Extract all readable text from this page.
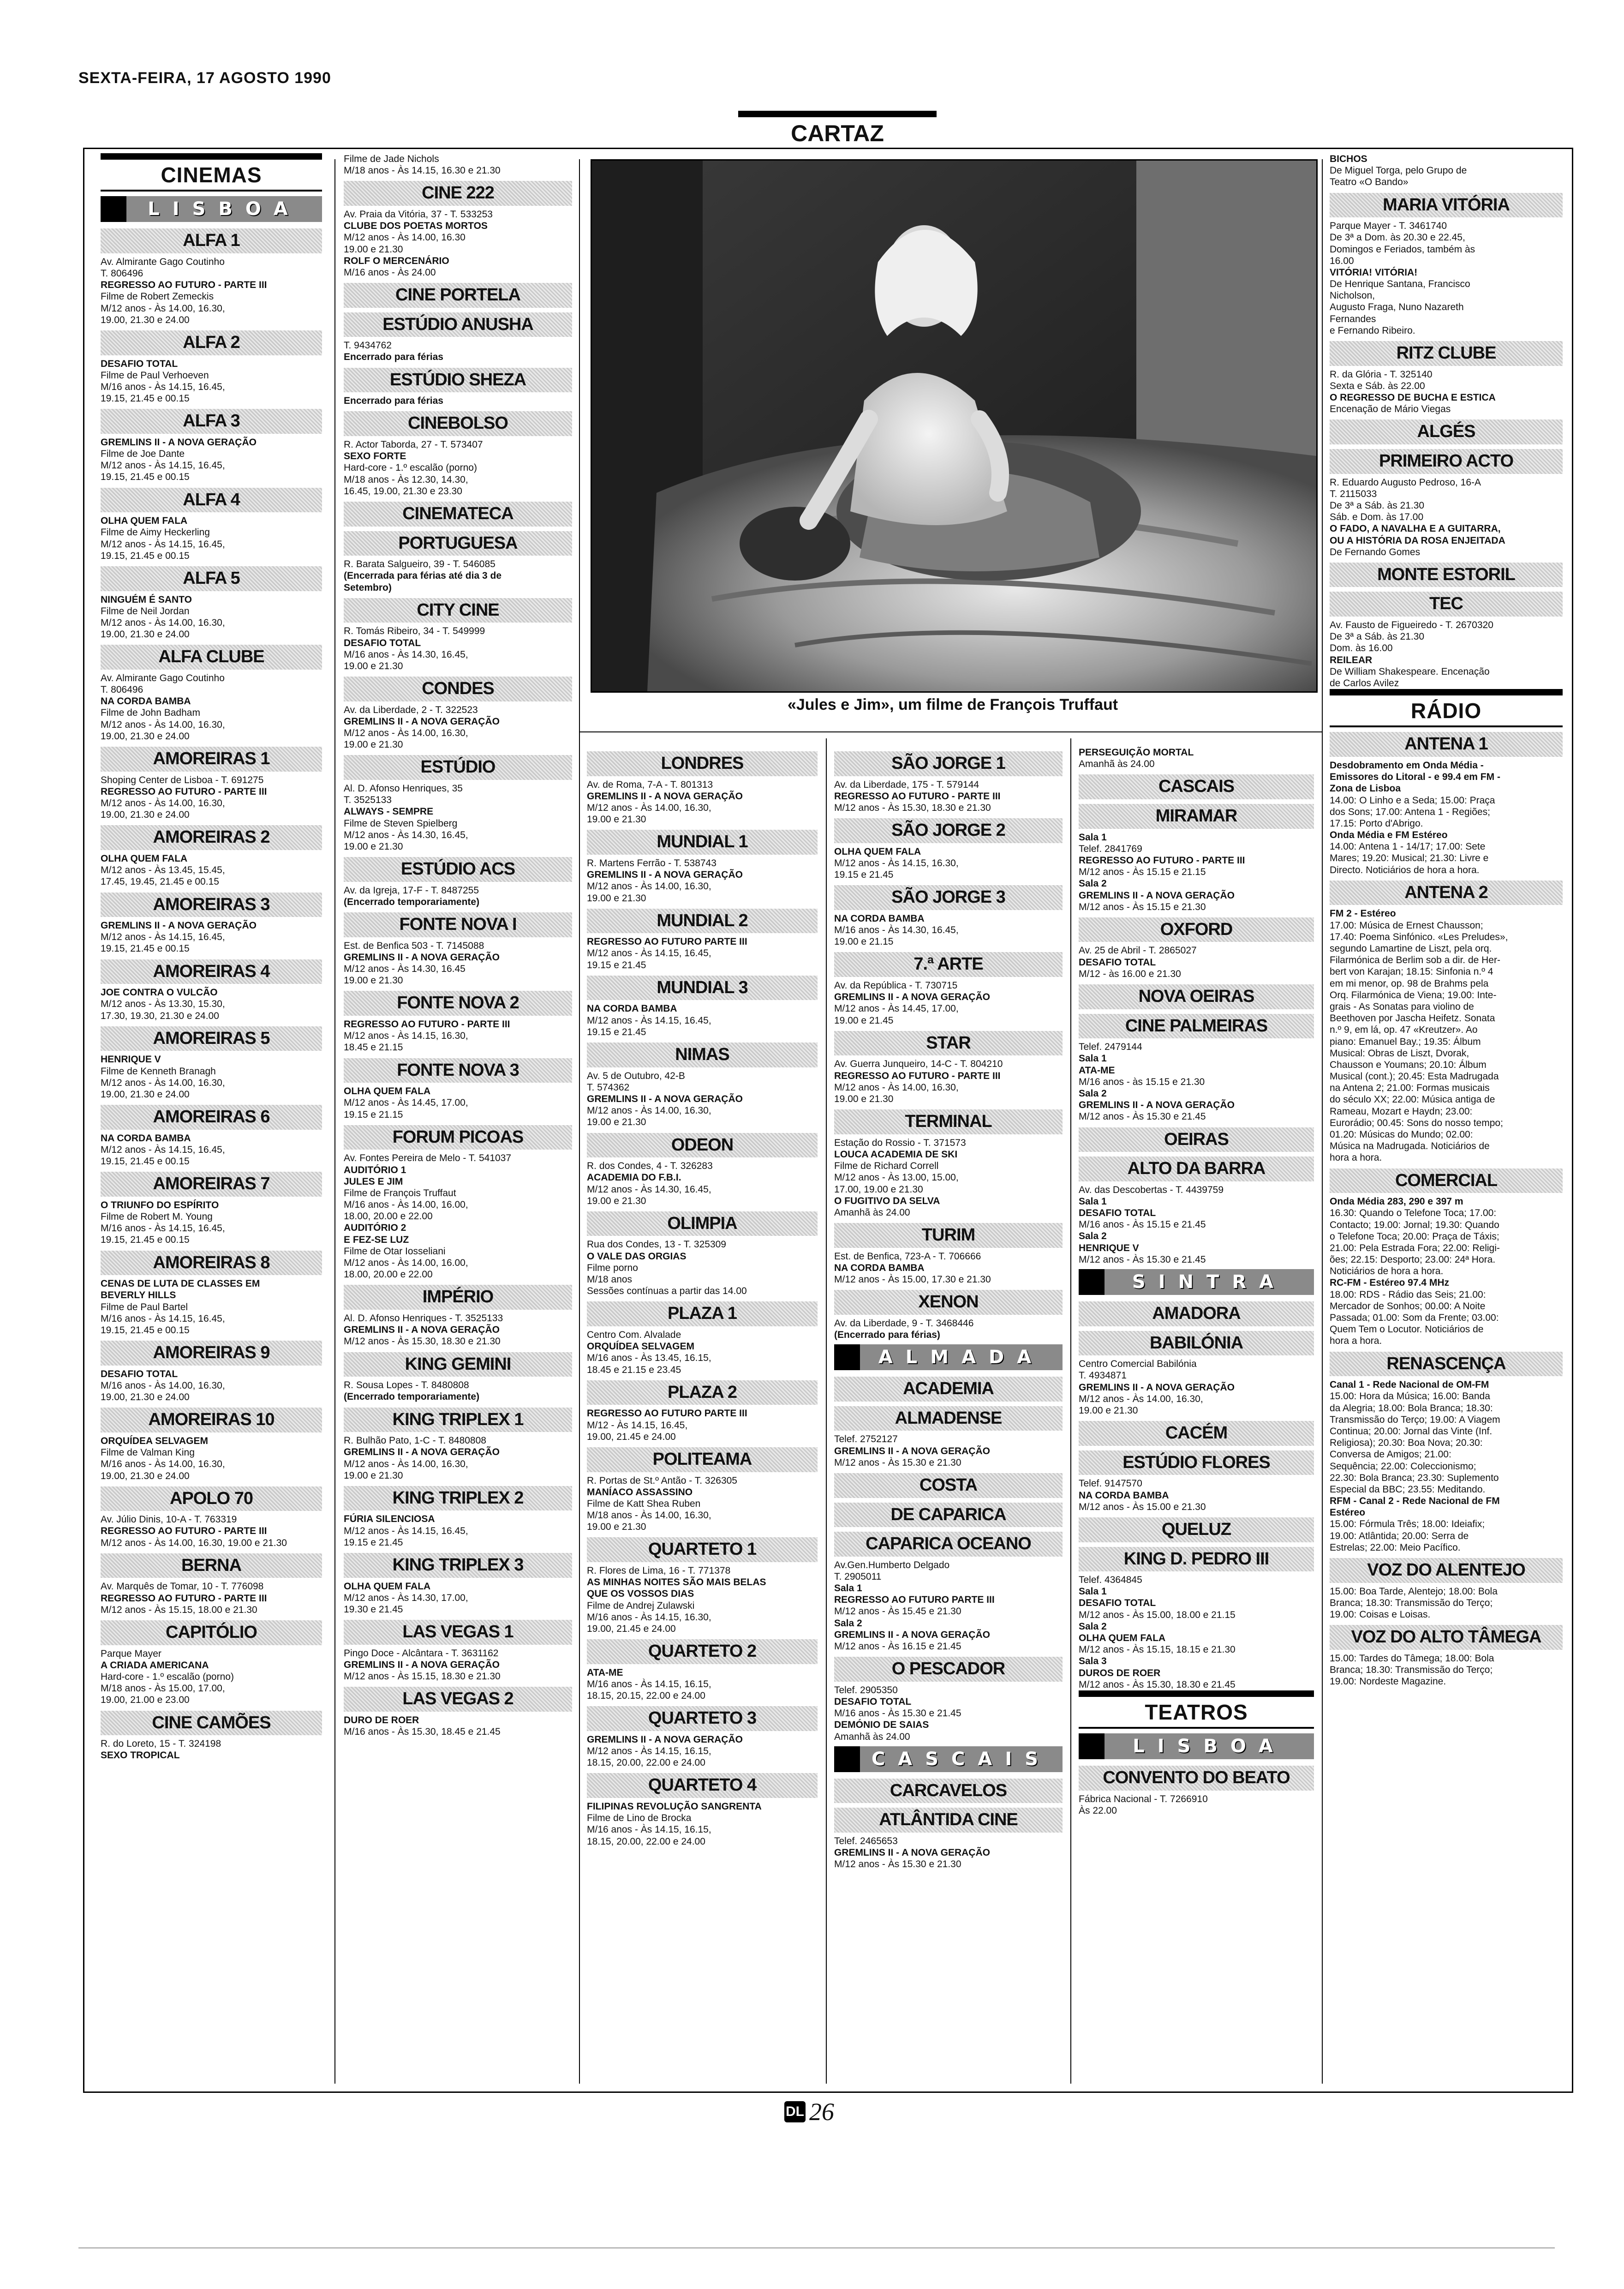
SEXTA-FEIRA, 17 AGOSTO 1990
CARTAZ
«Jules e Jim», um filme de François Truffaut
CINEMAS
LISBOA
ALFA 1
Av. Almirante Gago Coutinho
T. 806496
REGRESSO AO FUTURO - PARTE III
Filme de Robert Zemeckis
M/12 anos - Às 14.00, 16.30,
19.00, 21.30 e 24.00
ALFA 2
DESAFIO TOTAL
Filme de Paul Verhoeven
M/16 anos - Às 14.15, 16.45,
19.15, 21.45 e 00.15
ALFA 3
GREMLINS II - A NOVA GERAÇÃO
Filme de Joe Dante
M/12 anos - Às 14.15, 16.45,
19.15, 21.45 e 00.15
ALFA 4
OLHA QUEM FALA
Filme de Aimy Heckerling
M/12 anos - Às 14.15, 16.45,
19.15, 21.45 e 00.15
ALFA 5
NINGUÉM É SANTO
Filme de Neil Jordan
M/12 anos - Às 14.00, 16.30,
19.00, 21.30 e 24.00
ALFA CLUBE
Av. Almirante Gago Coutinho
T. 806496
NA CORDA BAMBA
Filme de John Badham
M/12 anos - Às 14.00, 16.30,
19.00, 21.30 e 24.00
AMOREIRAS 1
Shoping Center de Lisboa - T. 691275
REGRESSO AO FUTURO - PARTE III
M/12 anos - Às 14.00, 16.30,
19.00, 21.30 e 24.00
AMOREIRAS 2
OLHA QUEM FALA
M/12 anos - Às 13.45, 15.45,
17.45, 19.45, 21.45 e 00.15
AMOREIRAS 3
GREMLINS II - A NOVA GERAÇÃO
M/12 anos - Às 14.15, 16.45,
19.15, 21.45 e 00.15
AMOREIRAS 4
JOE CONTRA O VULCÃO
M/12 anos - Às 13.30, 15.30,
17.30, 19.30, 21.30 e 24.00
AMOREIRAS 5
HENRIQUE V
Filme de Kenneth Branagh
M/12 anos - Às 14.00, 16.30,
19.00, 21.30 e 24.00
AMOREIRAS 6
NA CORDA BAMBA
M/12 anos - Às 14.15, 16.45,
19.15, 21.45 e 00.15
AMOREIRAS 7
O TRIUNFO DO ESPÍRITO
Filme de Robert M. Young
M/16 anos - Às 14.15, 16.45,
19.15, 21.45 e 00.15
AMOREIRAS 8
CENAS DE LUTA DE CLASSES EM
BEVERLY HILLS
Filme de Paul Bartel
M/16 anos - Às 14.15, 16.45,
19.15, 21.45 e 00.15
AMOREIRAS 9
DESAFIO TOTAL
M/16 anos - Às 14.00, 16.30,
19.00, 21.30 e 24.00
AMOREIRAS 10
ORQUÍDEA SELVAGEM
Filme de Valman King
M/16 anos - Às 14.00, 16.30,
19.00, 21.30 e 24.00
APOLO 70
Av. Júlio Dinis, 10-A - T. 763319
REGRESSO AO FUTURO - PARTE III
M/12 anos - Às 14.00, 16.30, 19.00 e 21.30
BERNA
Av. Marquês de Tomar, 10 - T. 776098
REGRESSO AO FUTURO - PARTE III
M/12 anos - Às 15.15, 18.00 e 21.30
CAPITÓLIO
Parque Mayer
A CRIADA AMERICANA
Hard-core - 1.º escalão (porno)
M/18 anos - Às 15.00, 17.00,
19.00, 21.00 e 23.00
CINE CAMÕES
R. do Loreto, 15 - T. 324198
SEXO TROPICAL
Filme de Jade Nichols
M/18 anos - Às 14.15, 16.30 e 21.30
CINE 222
Av. Praia da Vitória, 37 - T. 533253
CLUBE DOS POETAS MORTOS
M/12 anos - Às 14.00, 16.30
19.00 e 21.30
ROLF O MERCENÁRIO
M/16 anos - Às 24.00
CINE PORTELA
ESTÚDIO ANUSHA
T. 9434762
Encerrado para férias
ESTÚDIO SHEZA
Encerrado para férias
CINEBOLSO
R. Actor Taborda, 27 - T. 573407
SEXO FORTE
Hard-core - 1.º escalão (porno)
M/18 anos - Às 12.30, 14.30,
16.45, 19.00, 21.30 e 23.30
CINEMATECA
PORTUGUESA
R. Barata Salgueiro, 39 - T. 546085
(Encerrada para férias até dia 3 de
Setembro)
CITY CINE
R. Tomás Ribeiro, 34 - T. 549999
DESAFIO TOTAL
M/16 anos - Às 14.30, 16.45,
19.00 e 21.30
CONDES
Av. da Liberdade, 2 - T. 322523
GREMLINS II - A NOVA GERAÇÃO
M/12 anos - Às 14.00, 16.30,
19.00 e 21.30
ESTÚDIO
Al. D. Afonso Henriques, 35
T. 3525133
ALWAYS - SEMPRE
Filme de Steven Spielberg
M/12 anos - Às 14.30, 16.45,
19.00 e 21.30
ESTÚDIO ACS
Av. da Igreja, 17-F - T. 8487255
(Encerrado temporariamente)
FONTE NOVA I
Est. de Benfica 503 - T. 7145088
GREMLINS II - A NOVA GERAÇÃO
M/12 anos - Às 14.30, 16.45
19.00 e 21.30
FONTE NOVA 2
REGRESSO AO FUTURO - PARTE III
M/12 anos - Às 14.15, 16.30,
18.45 e 21.15
FONTE NOVA 3
OLHA QUEM FALA
M/12 anos - Às 14.45, 17.00,
19.15 e 21.15
FORUM PICOAS
Av. Fontes Pereira de Melo - T. 541037
AUDITÓRIO 1
JULES E JIM
Filme de François Truffaut
M/16 anos - Às 14.00, 16.00,
18.00, 20.00 e 22.00
AUDITÓRIO 2
E FEZ-SE LUZ
Filme de Otar Iosseliani
M/12 anos - Às 14.00, 16.00,
18.00, 20.00 e 22.00
IMPÉRIO
Al. D. Afonso Henriques - T. 3525133
GREMLINS II - A NOVA GERAÇÃO
M/12 anos - Às 15.30, 18.30 e 21.30
KING GEMINI
R. Sousa Lopes - T. 8480808
(Encerrado temporariamente)
KING TRIPLEX 1
R. Bulhão Pato, 1-C - T. 8480808
GREMLINS II - A NOVA GERAÇÃO
M/12 anos - Às 14.00, 16.30,
19.00 e 21.30
KING TRIPLEX 2
FÚRIA SILENCIOSA
M/12 anos - Às 14.15, 16.45,
19.15 e 21.45
KING TRIPLEX 3
OLHA QUEM FALA
M/12 anos - Às 14.30, 17.00,
19.30 e 21.45
LAS VEGAS 1
Pingo Doce - Alcântara - T. 3631162
GREMLINS II - A NOVA GERAÇÃO
M/12 anos - Às 15.15, 18.30 e 21.30
LAS VEGAS 2
DURO DE ROER
M/16 anos - Às 15.30, 18.45 e 21.45
LONDRES
Av. de Roma, 7-A - T. 801313
GREMLINS II - A NOVA GERAÇÃO
M/12 anos - Às 14.00, 16.30,
19.00 e 21.30
MUNDIAL 1
R. Martens Ferrão - T. 538743
GREMLINS II - A NOVA GERAÇÃO
M/12 anos - Às 14.00, 16.30,
19.00 e 21.30
MUNDIAL 2
REGRESSO AO FUTURO PARTE III
M/12 anos - Às 14.15, 16.45,
19.15 e 21.45
MUNDIAL 3
NA CORDA BAMBA
M/12 anos - Às 14.15, 16.45,
19.15 e 21.45
NIMAS
Av. 5 de Outubro, 42-B
T. 574362
GREMLINS II - A NOVA GERAÇÃO
M/12 anos - Às 14.00, 16.30,
19.00 e 21.30
ODEON
R. dos Condes, 4 - T. 326283
ACADEMIA DO F.B.I.
M/12 anos - Às 14.30, 16.45,
19.00 e 21.30
OLIMPIA
Rua dos Condes, 13 - T. 325309
O VALE DAS ORGIAS
Filme porno
M/18 anos
Sessões contínuas a partir das 14.00
PLAZA 1
Centro Com. Alvalade
ORQUÍDEA SELVAGEM
M/16 anos - Às 13.45, 16.15,
18.45 e 21.15 e 23.45
PLAZA 2
REGRESSO AO FUTURO PARTE III
M/12 - Às 14.15, 16.45,
19.00, 21.45 e 24.00
POLITEAMA
R. Portas de St.º Antão - T. 326305
MANÍACO ASSASSINO
Filme de Katt Shea Ruben
M/18 anos - Às 14.00, 16.30,
19.00 e 21.30
QUARTETO 1
R. Flores de Lima, 16 - T. 771378
AS MINHAS NOITES SÃO MAIS BELAS
QUE OS VOSSOS DIAS
Filme de Andrej Zulawski
M/16 anos - Às 14.15, 16.30,
19.00, 21.45 e 24.00
QUARTETO 2
ATA-ME
M/16 anos - Às 14.15, 16.15,
18.15, 20.15, 22.00 e 24.00
QUARTETO 3
GREMLINS II - A NOVA GERAÇÃO
M/12 anos - Às 14.15, 16.15,
18.15, 20.00, 22.00 e 24.00
QUARTETO 4
FILIPINAS REVOLUÇÃO SANGRENTA
Filme de Lino de Brocka
M/16 anos - Às 14.15, 16.15,
18.15, 20.00, 22.00 e 24.00
SÃO JORGE 1
Av. da Liberdade, 175 - T. 579144
REGRESSO AO FUTURO - PARTE III
M/12 anos - Às 15.30, 18.30 e 21.30
SÃO JORGE 2
OLHA QUEM FALA
M/12 anos - Às 14.15, 16.30,
19.15 e 21.45
SÃO JORGE 3
NA CORDA BAMBA
M/16 anos - Às 14.30, 16.45,
19.00 e 21.15
7.ª ARTE
Av. da República - T. 730715
GREMLINS II - A NOVA GERAÇÃO
M/12 anos - Às 14.45, 17.00,
19.00 e 21.45
STAR
Av. Guerra Junqueiro, 14-C - T. 804210
REGRESSO AO FUTURO - PARTE III
M/12 anos - Às 14.00, 16.30,
19.00 e 21.30
TERMINAL
Estação do Rossio - T. 371573
LOUCA ACADEMIA DE SKI
Filme de Richard Correll
M/12 anos - Às 13.00, 15.00,
17.00, 19.00 e 21.30
O FUGITIVO DA SELVA
Amanhã às 24.00
TURIM
Est. de Benfica, 723-A - T. 706666
NA CORDA BAMBA
M/12 anos - Às 15.00, 17.30 e 21.30
XENON
Av. da Liberdade, 9 - T. 3468446
(Encerrado para férias)
ALMADA
ACADEMIA
ALMADENSE
Telef. 2752127
GREMLINS II - A NOVA GERAÇÃO
M/12 anos - Às 15.30 e 21.30
COSTA
DE CAPARICA
CAPARICA OCEANO
Av.Gen.Humberto Delgado
T. 2905011
Sala 1
REGRESSO AO FUTURO PARTE III
M/12 anos - Às 15.45 e 21.30
Sala 2
GREMLINS II - A NOVA GERAÇÃO
M/12 anos - Às 16.15 e 21.45
O PESCADOR
Telef. 2905350
DESAFIO TOTAL
M/16 anos - Às 15.30 e 21.45
DEMÓNIO DE SAIAS
Amanhã às 24.00
CASCAIS
CARCAVELOS
ATLÂNTIDA CINE
Telef. 2465653
GREMLINS II - A NOVA GERAÇÃO
M/12 anos - Às 15.30 e 21.30
PERSEGUIÇÃO MORTAL
Amanhã às 24.00
CASCAIS
MIRAMAR
Sala 1
Telef. 2841769
REGRESSO AO FUTURO - PARTE III
M/12 anos - Às 15.15 e 21.15
Sala 2
GREMLINS II - A NOVA GERAÇÃO
M/12 anos - Às 15.15 e 21.30
OXFORD
Av. 25 de Abril - T. 2865027
DESAFIO TOTAL
M/12 - às 16.00 e 21.30
NOVA OEIRAS
CINE PALMEIRAS
Telef. 2479144
Sala 1
ATA-ME
M/16 anos - às 15.15 e 21.30
Sala 2
GREMLINS II - A NOVA GERAÇÃO
M/12 anos - Às 15.30 e 21.45
OEIRAS
ALTO DA BARRA
Av. das Descobertas - T. 4439759
Sala 1
DESAFIO TOTAL
M/16 anos - Às 15.15 e 21.45
Sala 2
HENRIQUE V
M/12 anos - Às 15.30 e 21.45
SINTRA
AMADORA
BABILÓNIA
Centro Comercial Babilónia
T. 4934871
GREMLINS II - A NOVA GERAÇÃO
M/12 anos - Às 14.00, 16.30,
19.00 e 21.30
CACÉM
ESTÚDIO FLORES
Telef. 9147570
NA CORDA BAMBA
M/12 anos - Às 15.00 e 21.30
QUELUZ
KING D. PEDRO III
Telef. 4364845
Sala 1
DESAFIO TOTAL
M/12 anos - Às 15.00, 18.00 e 21.15
Sala 2
OLHA QUEM FALA
M/12 anos - Às 15.15, 18.15 e 21.30
Sala 3
DUROS DE ROER
M/12 anos - Às 15.30, 18.30 e 21.45
TEATROS
LISBOA
CONVENTO DO BEATO
Fábrica Nacional - T. 7266910
Às 22.00
BICHOS
De Miguel Torga, pelo Grupo de
Teatro «O Bando»
MARIA VITÓRIA
Parque Mayer - T. 3461740
De 3ª a Dom. às 20.30 e 22.45,
Domingos e Feriados, também às
16.00
VITÓRIA! VITÓRIA!
De Henrique Santana, Francisco
Nicholson,
Augusto Fraga, Nuno Nazareth
Fernandes
e Fernando Ribeiro.
RITZ CLUBE
R. da Glória - T. 325140
Sexta e Sáb. às 22.00
O REGRESSO DE BUCHA E ESTICA
Encenação de Mário Viegas
ALGÉS
PRIMEIRO ACTO
R. Eduardo Augusto Pedroso, 16-A
T. 2115033
De 3ª a Sáb. às 21.30
Sáb. e Dom. às 17.00
O FADO, A NAVALHA E A GUITARRA,
OU A HISTÓRIA DA ROSA ENJEITADA
De Fernando Gomes
MONTE ESTORIL
TEC
Av. Fausto de Figueiredo - T. 2670320
De 3ª a Sáb. às 21.30
Dom. às 16.00
REILEAR
De William Shakespeare. Encenação
de Carlos Avilez
RÁDIO
ANTENA 1
Desdobramento em Onda Média -
Emissores do Litoral - e 99.4 em FM -
Zona de Lisboa
14.00: O Linho e a Seda; 15.00: Praça
dos Sons; 17.00: Antena 1 - Regiões;
17.15: Porto d'Abrigo.
Onda Média e FM Estéreo
14.00: Antena 1 - 14/17; 17.00: Sete
Mares; 19.20: Musical; 21.30: Livre e
Directo. Noticiários de hora a hora.
ANTENA 2
FM 2 - Estéreo
17.00: Música de Ernest Chausson;
17.40: Poema Sinfónico. «Les Preludes»,
segundo Lamartine de Liszt, pela orq.
Filarmónica de Berlim sob a dir. de Her-
bert von Karajan; 18.15: Sinfonia n.º 4
em mi menor, op. 98 de Brahms pela
Orq. Filarmónica de Viena; 19.00: Inte-
grais - As Sonatas para violino de
Beethoven por Jascha Heifetz. Sonata
n.º 9, em lá, op. 47 «Kreutzer». Ao
piano: Emanuel Bay.; 19.35: Álbum
Musical: Obras de Liszt, Dvorak,
Chausson e Youmans; 20.10: Álbum
Musical (cont.); 20.45: Esta Madrugada
na Antena 2; 21.00: Formas musicais
do século XX; 22.00: Música antiga de
Rameau, Mozart e Haydn; 23.00:
Eurorádio; 00.45: Sons do nosso tempo;
01.20: Músicas do Mundo; 02.00:
Música na Madrugada. Noticiários de
hora a hora.
COMERCIAL
Onda Média 283, 290 e 397 m
16.30: Quando o Telefone Toca; 17.00:
Contacto; 19.00: Jornal; 19.30: Quando
o Telefone Toca; 20.00: Praça de Táxis;
21.00: Pela Estrada Fora; 22.00: Religi-
ões; 22.15: Desporto; 23.00: 24ª Hora.
Noticiários de hora a hora.
RC-FM - Estéreo 97.4 MHz
18.00: RDS - Rádio das Seis; 21.00:
Mercador de Sonhos; 00.00: A Noite
Passada; 01.00: Som da Frente; 03.00:
Quem Tem o Locutor. Noticiários de
hora a hora.
RENASCENÇA
Canal 1 - Rede Nacional de OM-FM
15.00: Hora da Música; 16.00: Banda
da Alegria; 18.00: Bola Branca; 18.30:
Transmissão do Terço; 19.00: A Viagem
Continua; 20.00: Jornal das Vinte (Inf.
Religiosa); 20.30: Boa Nova; 20.30:
Conversa de Amigos; 21.00:
Sequência; 22.00: Coleccionismo;
22.30: Bola Branca; 23.30: Suplemento
Especial da BBC; 23.55: Meditando.
RFM - Canal 2 - Rede Nacional de FM
Estéreo
15.00: Fórmula Três; 18.00: Ideiafix;
19.00: Atlântida; 20.00: Serra de
Estrelas; 22.00: Meio Pacífico.
VOZ DO ALENTEJO
15.00: Boa Tarde, Alentejo; 18.00: Bola
Branca; 18.30: Transmissão do Terço;
19.00: Coisas e Loisas.
VOZ DO ALTO TÂMEGA
15.00: Tardes do Tâmega; 18.00: Bola
Branca; 18.30: Transmissão do Terço;
19.00: Nordeste Magazine.
DL 26
